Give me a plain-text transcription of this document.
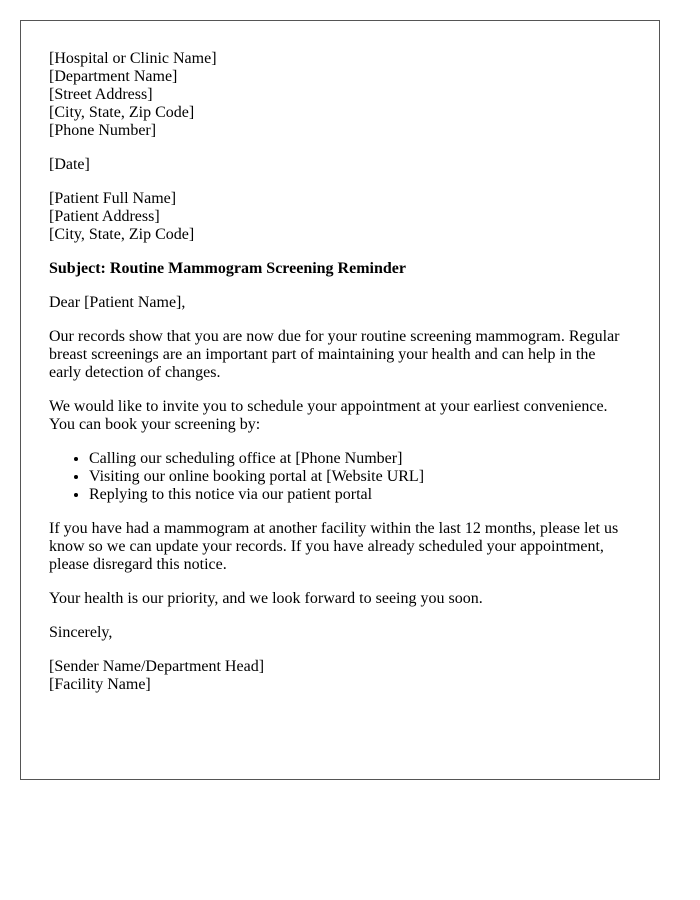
[Hospital or Clinic Name]
[Department Name]
[Street Address]
[City, State, Zip Code]
[Phone Number]
[Date]
[Patient Full Name]
[Patient Address]
[City, State, Zip Code]

Subject: Routine Mammogram Screening Reminder

Dear [Patient Name],

Our records show that you are now due for your routine screening mammogram. Regular breast screenings are an important part of maintaining your health and can help in the early detection of changes.

We would like to invite you to schedule your appointment at your earliest convenience. You can book your screening by:

• Calling our scheduling office at [Phone Number]
• Visiting our online booking portal at [Website URL]
• Replying to this notice via our patient portal

If you have had a mammogram at another facility within the last 12 months, please let us know so we can update your records. If you have already scheduled your appointment, please disregard this notice.

Your health is our priority, and we look forward to seeing you soon.

Sincerely,

[Sender Name/Department Head]
[Facility Name]
